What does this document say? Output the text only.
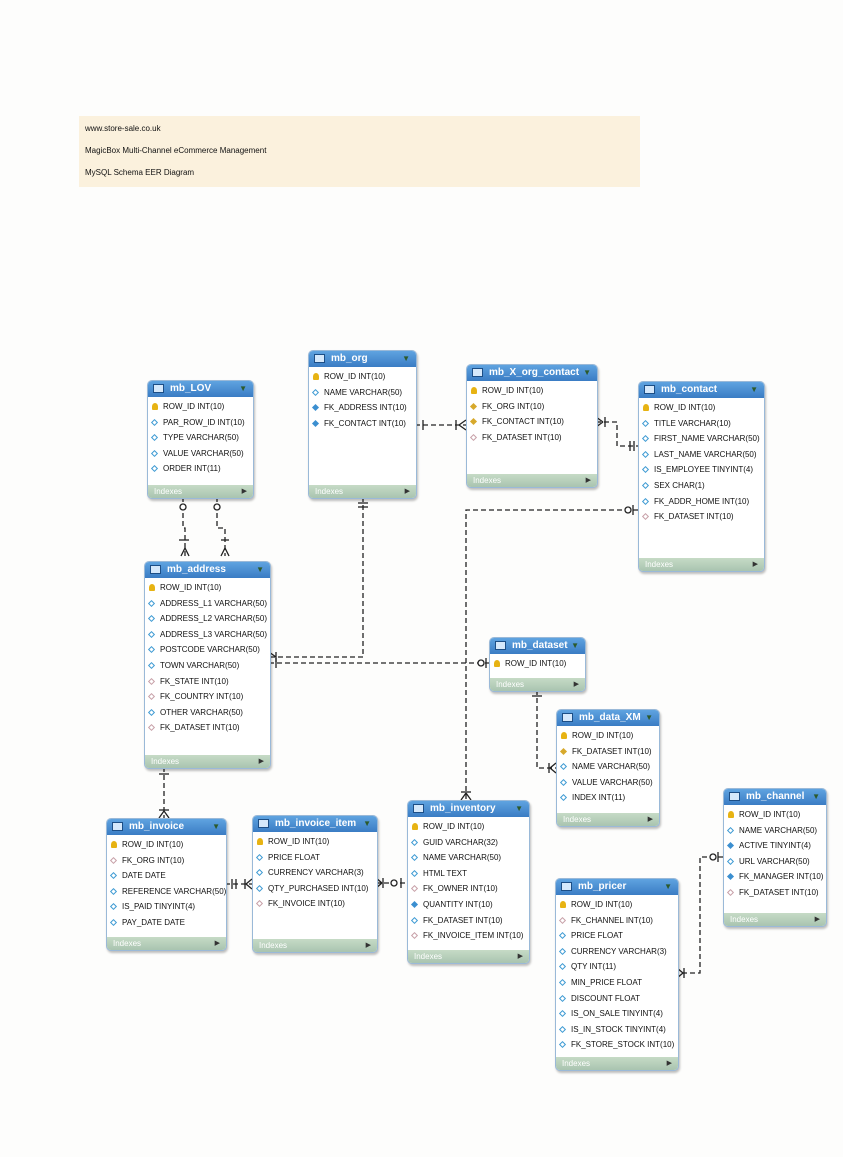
www.store-sale.co.uk
MagicBox Multi-Channel eCommerce Management
MySQL Schema EER Diagram
mb_LOV	▼
ROW_ID INT(10)
PAR_ROW_ID INT(10)
TYPE VARCHAR(50)
VALUE VARCHAR(50)
ORDER INT(11)
Indexes	▶
mb_org	▼
ROW_ID INT(10)
NAME VARCHAR(50)
FK_ADDRESS INT(10)
FK_CONTACT INT(10)
Indexes	▶
mb_X_org_contact ▼
ROW_ID INT(10)
FK_ORG INT(10)
FK_CONTACT INT(10)
FK_DATASET INT(10)
Indexes	▶
mb_contact	▼
ROW_ID INT(10)
TITLE VARCHAR(10)
FIRST_NAME VARCHAR(50)
LAST_NAME VARCHAR(50)
IS_EMPLOYEE TINYINT(4)
SEX CHAR(1)
FK_ADDR_HOME INT(10)
FK_DATASET INT(10)
Indexes	▶
mb_address	▼
ROW_ID INT(10)
ADDRESS_L1 VARCHAR(50)
ADDRESS_L2 VARCHAR(50)
ADDRESS_L3 VARCHAR(50)
POSTCODE VARCHAR(50)
TOWN VARCHAR(50)
FK_STATE INT(10)
FK_COUNTRY INT(10)
OTHER VARCHAR(50)
FK_DATASET INT(10)
Indexes	▶
mb_dataset ▼
ROW_ID INT(10)
Indexes	▶
mb_data_XM ▼
ROW_ID INT(10)
FK_DATASET INT(10)
NAME VARCHAR(50)
VALUE VARCHAR(50)
INDEX INT(11)
Indexes	▶
mb_channel ▼
ROW_ID INT(10)
NAME VARCHAR(50)
ACTIVE TINYINT(4)
URL VARCHAR(50)
FK_MANAGER INT(10)
FK_DATASET INT(10)
Indexes	▶
mb_invoice	▼
ROW_ID INT(10)
FK_ORG INT(10)
DATE DATE
REFERENCE VARCHAR(50)
IS_PAID TINYINT(4)
PAY_DATE DATE
Indexes	▶
mb_invoice_item ▼
ROW_ID INT(10)
PRICE FLOAT
CURRENCY VARCHAR(3)
QTY_PURCHASED INT(10)
FK_INVOICE INT(10)
Indexes	▶
mb_inventory ▼
ROW_ID INT(10)
GUID VARCHAR(32)
NAME VARCHAR(50)
HTML TEXT
FK_OWNER INT(10)
QUANTITY INT(10)
FK_DATASET INT(10)
FK_INVOICE_ITEM INT(10)
Indexes	▶
mb_pricer	▼
ROW_ID INT(10)
FK_CHANNEL INT(10)
PRICE FLOAT
CURRENCY VARCHAR(3)
QTY INT(11)
MIN_PRICE FLOAT
DISCOUNT FLOAT
IS_ON_SALE TINYINT(4)
IS_IN_STOCK TINYINT(4)
FK_STORE_STOCK INT(10)
Indexes	▶
